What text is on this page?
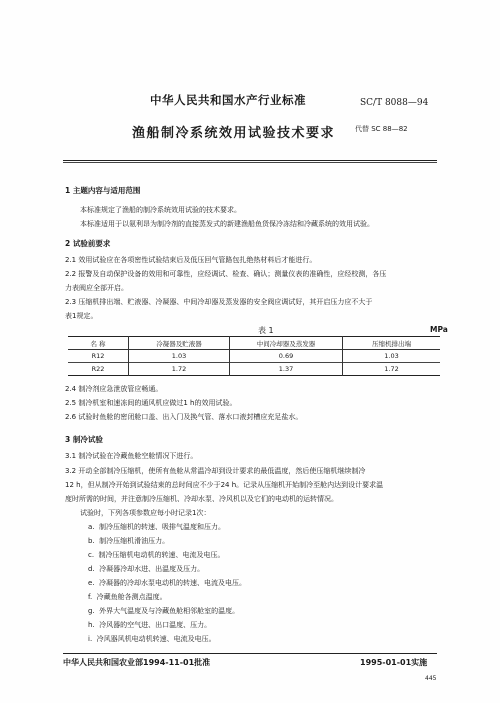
中华人民共和国水产行业标准	SC/T 8088—94
渔船制冷系统效用试验技术要求	代替 SC 88—82
1 主题内容与适用范围
本标准规定了渔船的制冷系统效用试验的技术要求。
本标准适用于以氨利昂为制冷剂的直接蒸发式的新建渔船鱼货保冷冻结和冷藏系统的效用试验。
2 试验前要求
2.1 效用试验应在各项密性试验结束后及低压回气管路包扎绝热材料后才能进行。
2.2 报警及自动保护设备的效用和可靠性，应经调试、检查、确认；测量仪表的准确性，应经校测，各压
力表阀应全部开启。
2.3 压缩机排出端、贮液器、冷凝器、中间冷却器及蒸发器的安全阀应调试好，其开启压力应不大于
表1规定。
表 1	MPa
名 称	冷凝器及贮液器	中间冷却器及蒸发器	压缩机排出端
R12	1.03	0.69	1.03
R22	1.72	1.37	1.72
2.4 制冷剂应急泄放管应畅通。
2.5 制冷机室和速冻间的通风机应做过1 h的效用试验。
2.6 试验时鱼舱的密闭舱口盖、出入门及换气管、落水口液封槽应充足盐水。
3 制冷试验
3.1 制冷试验在冷藏鱼舱空舱情况下进行。
3.2 开动全部制冷压缩机，使所有鱼舱从常温冷却到设计要求的最低温度，然后使压缩机继续制冷
12 h，但从制冷开始到试验结束的总时间应不少于24 h。记录从压缩机开始制冷至舱内达到设计要求温
度时所需的时间，并注意制冷压缩机、冷却水泵、冷风机以及它们的电动机的运转情况。
试验时，下列各项参数应每小时记录1次：
a. 制冷压缩机的转速、吸排气温度和压力。
b. 制冷压缩机滑油压力。
c. 制冷压缩机电动机的转速、电流及电压。
d. 冷凝器冷却水进、出温度及压力。
e. 冷凝器的冷却水泵电动机的转速、电流及电压。
f. 冷藏鱼舱各测点温度。
g. 外界大气温度及与冷藏鱼舱相邻舱室的温度。
h. 冷风器的空气进、出口温度、压力。
i. 冷风器风机电动机转速、电流及电压。
中华人民共和国农业部1994-11-01批准	1995-01-01实施
445
